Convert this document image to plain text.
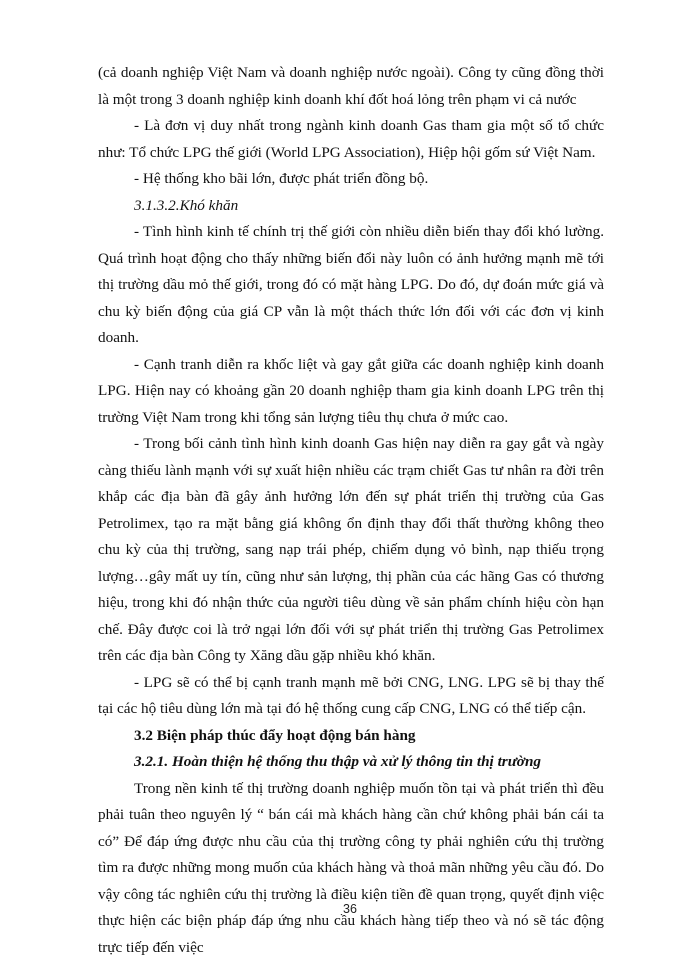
(cả doanh nghiệp Việt Nam và doanh nghiệp nước ngoài). Công ty cũng đồng thời là một trong 3 doanh nghiệp kinh doanh khí đốt hoá lỏng trên phạm vi cả nước

- Là đơn vị duy nhất trong ngành kinh doanh Gas tham gia một số tổ chức như: Tổ chức LPG thế giới (World LPG Association), Hiệp hội gốm sứ Việt Nam.

- Hệ thống kho bãi lớn, được phát triển đồng bộ.

3.1.3.2.Khó khăn

- Tình hình kinh tế chính trị thế giới còn nhiều diễn biến thay đổi khó lường. Quá trình hoạt động cho thấy những biến đổi này luôn có ảnh hưởng mạnh mẽ tới thị trường dầu mỏ thế giới, trong đó có mặt hàng LPG. Do đó, dự đoán mức giá và chu kỳ biến động của giá CP vẫn là một thách thức lớn đối với các đơn vị kinh doanh.

- Cạnh tranh diễn ra khốc liệt và gay gắt giữa các doanh nghiệp kinh doanh LPG. Hiện nay có khoảng gần 20 doanh nghiệp tham gia kinh doanh LPG trên thị trường Việt Nam trong khi tổng sản lượng tiêu thụ chưa ở mức cao.

- Trong bối cảnh tình hình kinh doanh Gas hiện nay diễn ra gay gắt và ngày càng thiếu lành mạnh với sự xuất hiện nhiều các trạm chiết Gas tư nhân ra đời trên khắp các địa bàn đã gây ảnh hưởng lớn đến sự phát triển thị trường của Gas Petrolimex, tạo ra mặt bằng giá không ổn định thay đổi thất thường không theo chu kỳ của thị trường, sang nạp trái phép, chiếm dụng vỏ bình, nạp thiếu trọng lượng…gây mất uy tín, cũng như sản lượng, thị phần của các hãng Gas có thương hiệu, trong khi đó nhận thức của người tiêu dùng về sản phẩm chính hiệu còn hạn chế. Đây được coi là trở ngại lớn đối với sự phát triển thị trường Gas Petrolimex trên các địa bàn Công ty Xăng dầu gặp nhiều khó khăn.

- LPG sẽ có thể bị cạnh tranh mạnh mẽ bởi CNG, LNG. LPG sẽ bị thay thế tại các hộ tiêu dùng lớn mà tại đó hệ thống cung cấp CNG, LNG có thể tiếp cận.

3.2 Biện pháp thúc đẩy hoạt động bán hàng

3.2.1. Hoàn thiện hệ thống thu thập và xử lý thông tin thị trường

Trong nền kinh tế thị trường doanh nghiệp muốn tồn tại và phát triển thì đều phải tuân theo nguyên lý “ bán cái mà khách hàng cần chứ không phải bán cái ta có” Để đáp ứng được nhu cầu của thị trường công ty phải nghiên cứu thị trường tìm ra được những mong muốn của khách hàng và thoả mãn những yêu cầu đó. Do vậy công tác nghiên cứu thị trường là điều kiện tiền đề quan trọng, quyết định việc thực hiện các biện pháp đáp ứng nhu cầu khách hàng tiếp theo và nó sẽ tác động trực tiếp đến việc

36
